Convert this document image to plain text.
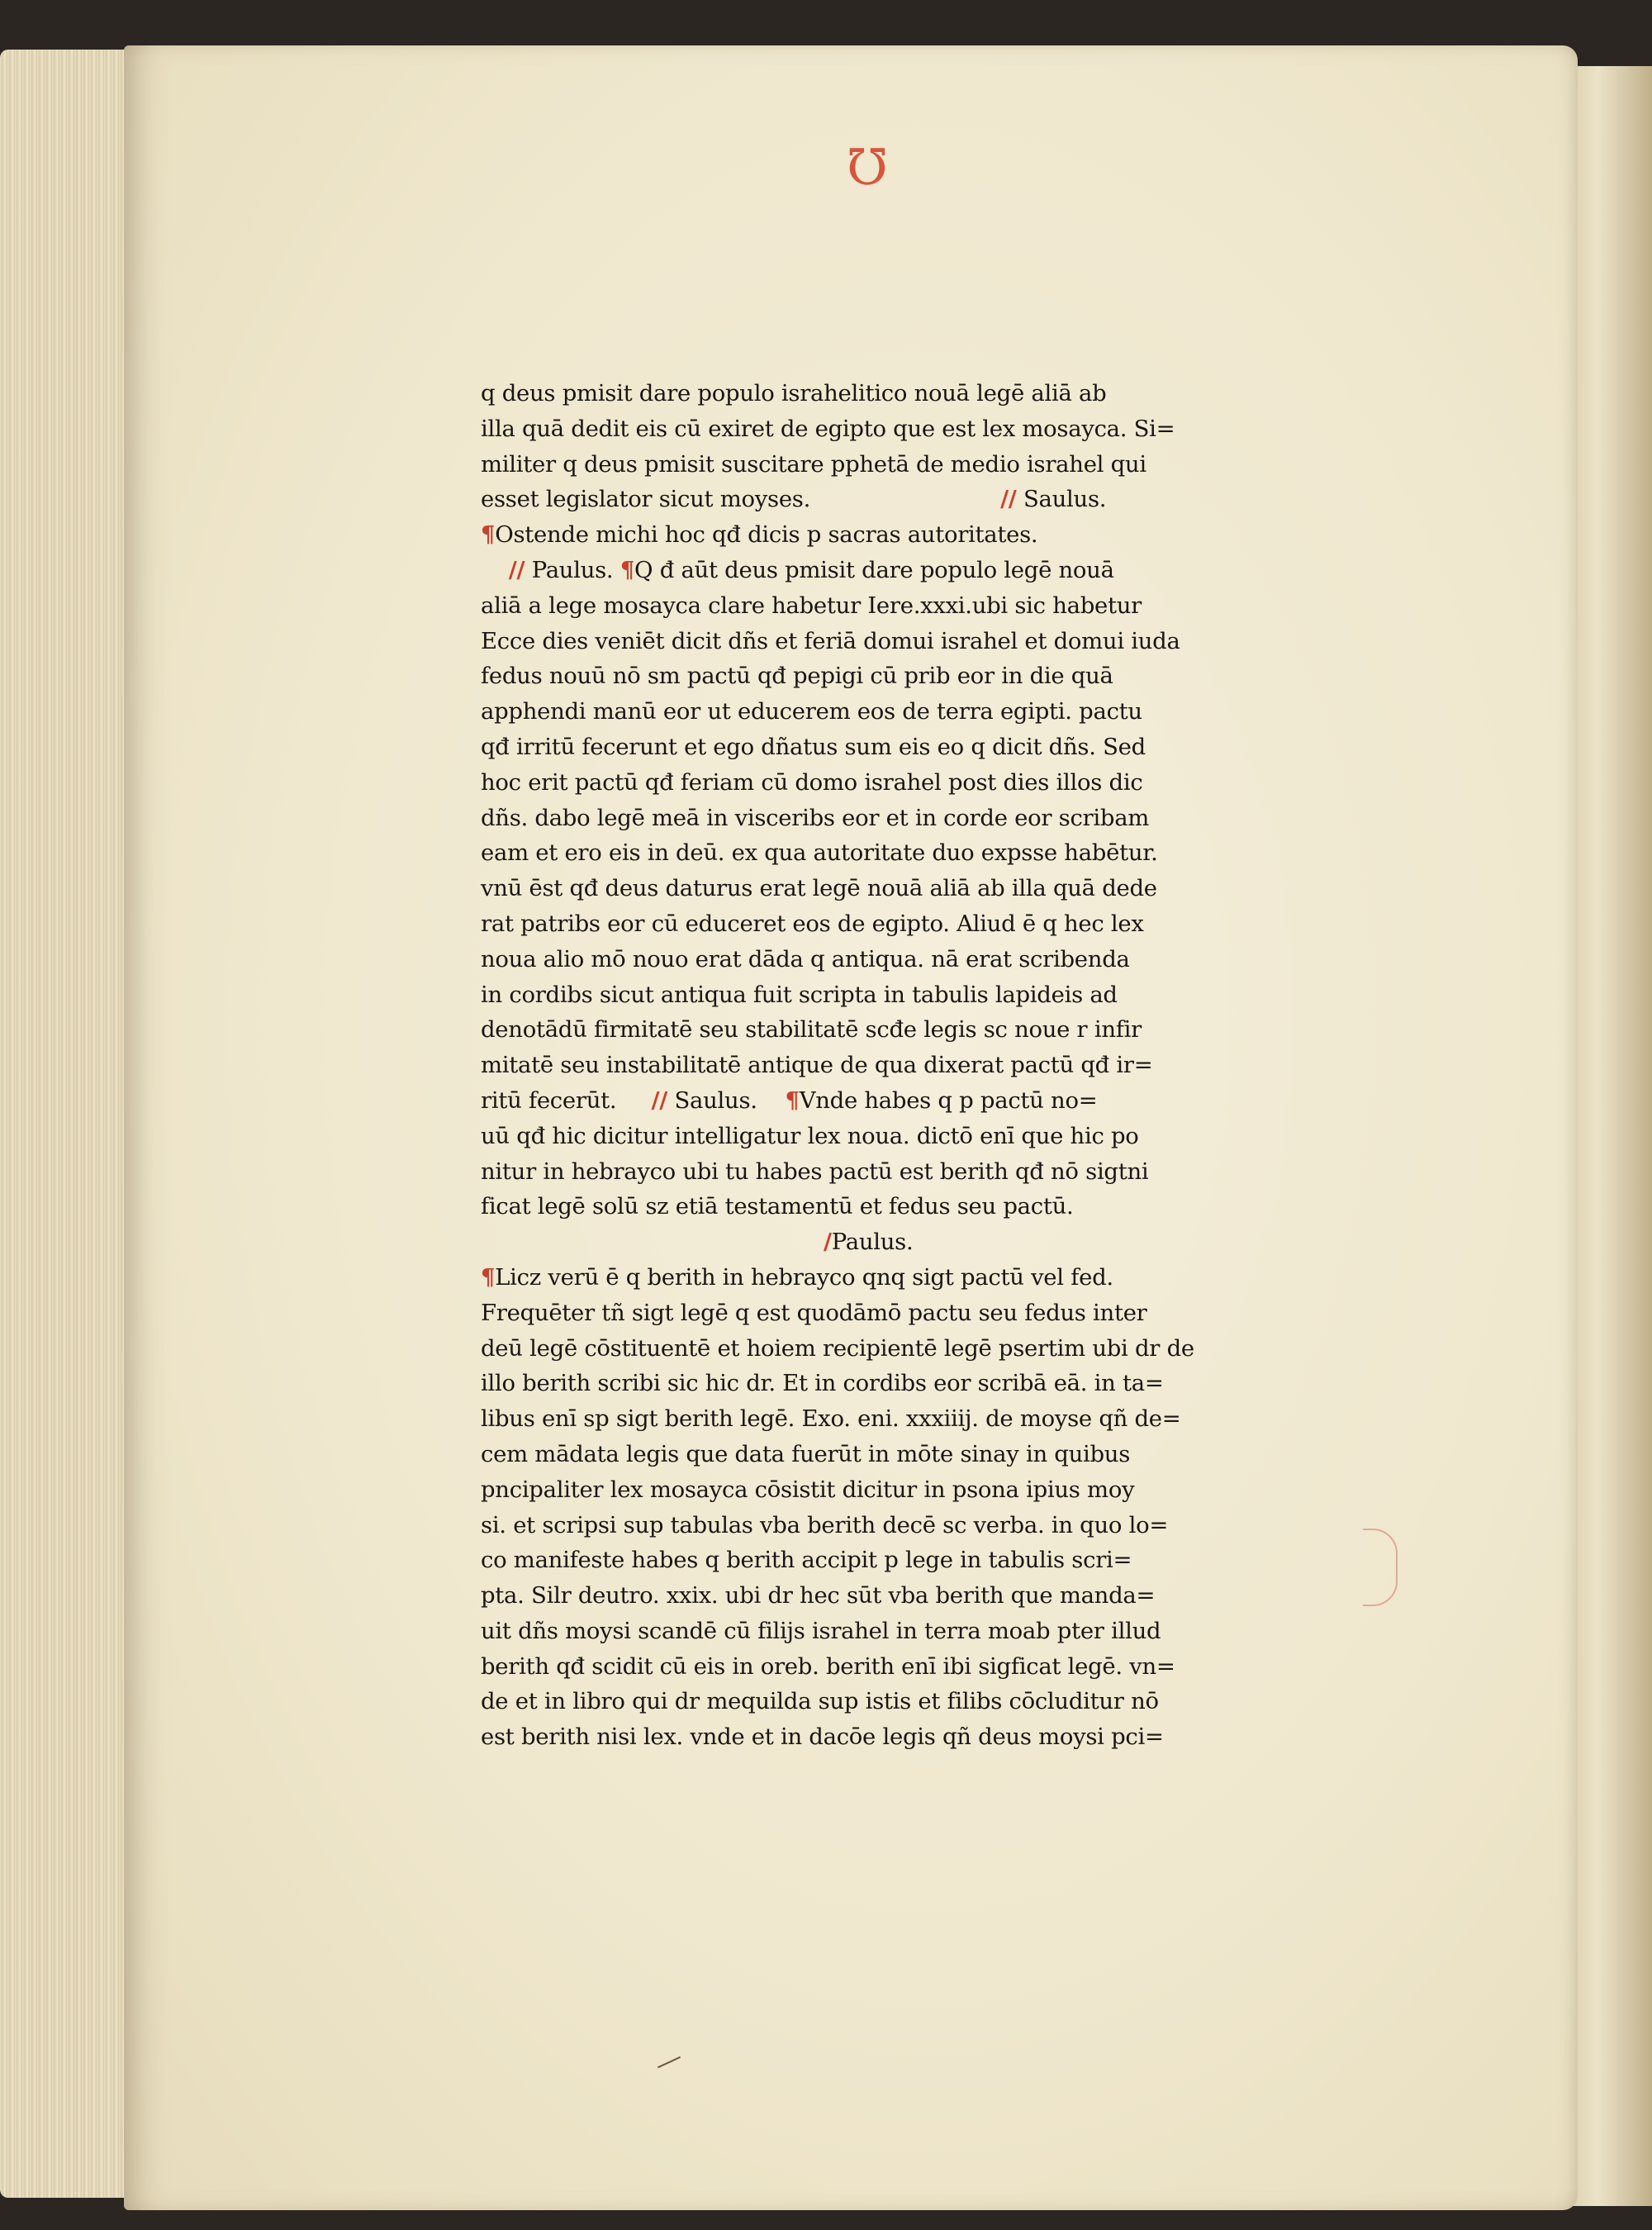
℧
q deus pmisit dare populo israhelitico nouā legē aliā ab
illa quā dedit eis cū exiret de egipto que est lex mosayca. Si=
militer q deus pmisit suscitare pphetā de medio israhel qui
esset legislator sicut moyses.	// Saulus.
¶Ostende michi hoc qđ dicis p sacras autoritates.
// Paulus. ¶Q đ aūt deus pmisit dare populo legē nouā
aliā a lege mosayca clare habetur Iere.xxxi.ubi sic habetur
Ecce dies veniēt dicit dñs et feriā domui israhel et domui iuda
fedus nouū nō sm pactū qđ pepigi cū prib eor in die quā
apphendi manū eor ut educerem eos de terra egipti. pactu
qđ irritū fecerunt et ego dñatus sum eis eo q dicit dñs. Sed
hoc erit pactū qđ feriam cū domo israhel post dies illos dic
dñs. dabo legē meā in visceribs eor et in corde eor scribam
eam et ero eis in deū. ex qua autoritate duo expsse habētur.
vnū ēst qđ deus daturus erat legē nouā aliā ab illa quā dede
rat patribs eor cū educeret eos de egipto. Aliud ē q hec lex
noua alio mō nouo erat dāda q antiqua. nā erat scribenda
in cordibs sicut antiqua fuit scripta in tabulis lapideis ad
denotādū firmitatē seu stabilitatē scđe legis sc noue r infir
mitatē seu instabilitatē antique de qua dixerat pactū qđ ir=
ritū fecerūt. // Saulus. ¶Vnde habes q p pactū no=
uū qđ hic dicitur intelligatur lex noua. dictō enī que hic po
nitur in hebrayco ubi tu habes pactū est berith qđ nō sigtni
ficat legē solū sz etiā testamentū et fedus seu pactū.
/Paulus.
¶Licz verū ē q berith in hebrayco qnq sigt pactū vel fed.
Frequēter tñ sigt legē q est quodāmō pactu seu fedus inter
deū legē cōstituentē et hoiem recipientē legē psertim ubi dr de
illo berith scribi sic hic dr. Et in cordibs eor scribā eā. in ta=
libus enī sp sigt berith legē. Exo. eni. xxxiiij. de moyse qñ de=
cem mādata legis que data fuerūt in mōte sinay in quibus
pncipaliter lex mosayca cōsistit dicitur in psona ipius moy
si. et scripsi sup tabulas vba berith decē sc verba. in quo lo=
co manifeste habes q berith accipit p lege in tabulis scri=
pta. Silr deutro. xxix. ubi dr hec sūt vba berith que manda=
uit dñs moysi scandē cū filijs israhel in terra moab pter illud
berith qđ scidit cū eis in oreb. berith enī ibi sigficat legē. vn=
de et in libro qui dr mequilda sup istis et filibs cōcluditur nō
est berith nisi lex. vnde et in dacōe legis qñ deus moysi pci=
